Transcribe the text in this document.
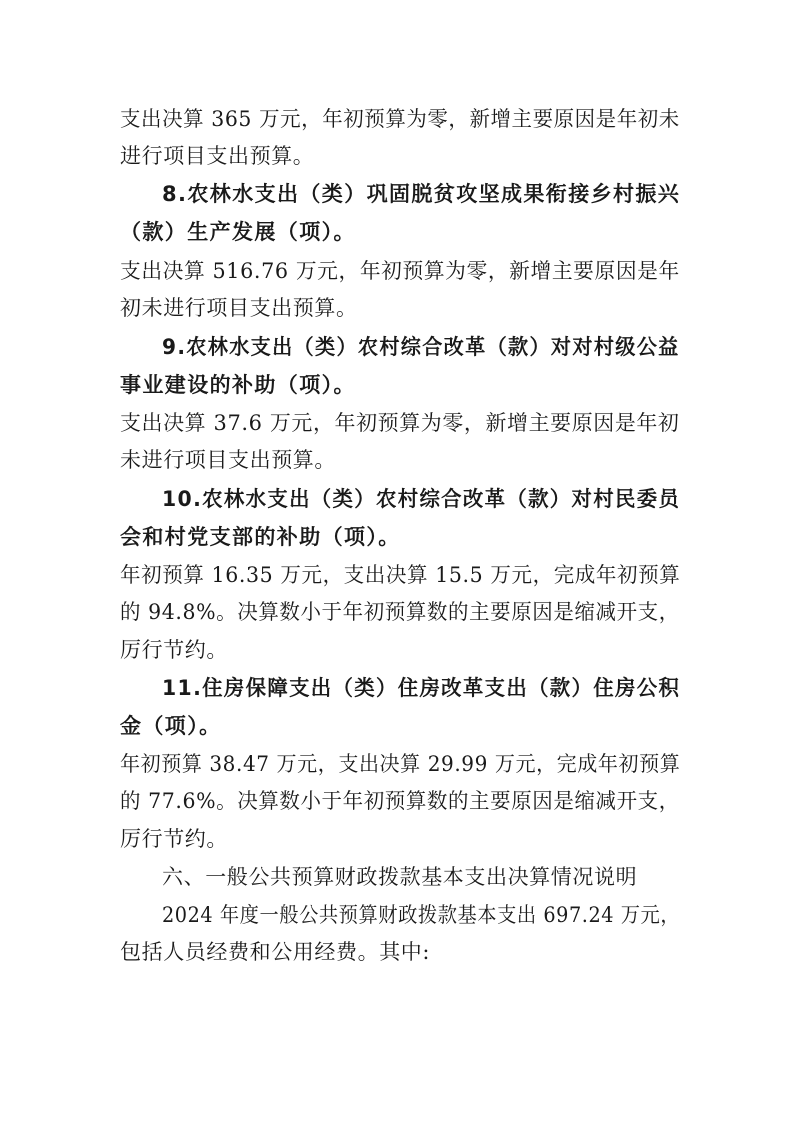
支出决算 365 万元，年初预算为零，新增主要原因是年初未
进行项目支出预算。
8.农林水支出（类）巩固脱贫攻坚成果衔接乡村振兴
（款）生产发展（项）。
支出决算 516.76 万元，年初预算为零，新增主要原因是年
初未进行项目支出预算。
9.农林水支出（类）农村综合改革（款）对对村级公益
事业建设的补助（项）。
支出决算 37.6 万元，年初预算为零，新增主要原因是年初
未进行项目支出预算。
10.农林水支出（类）农村综合改革（款）对村民委员
会和村党支部的补助（项）。
年初预算 16.35 万元，支出决算 15.5 万元，完成年初预算
的 94.8%。决算数小于年初预算数的主要原因是缩减开支，
厉行节约。
11.住房保障支出（类）住房改革支出（款）住房公积
金（项）。
年初预算 38.47 万元，支出决算 29.99 万元，完成年初预算
的 77.6%。决算数小于年初预算数的主要原因是缩减开支，
厉行节约。
六、一般公共预算财政拨款基本支出决算情况说明
2024 年度一般公共预算财政拨款基本支出 697.24 万元，
包括人员经费和公用经费。其中:
